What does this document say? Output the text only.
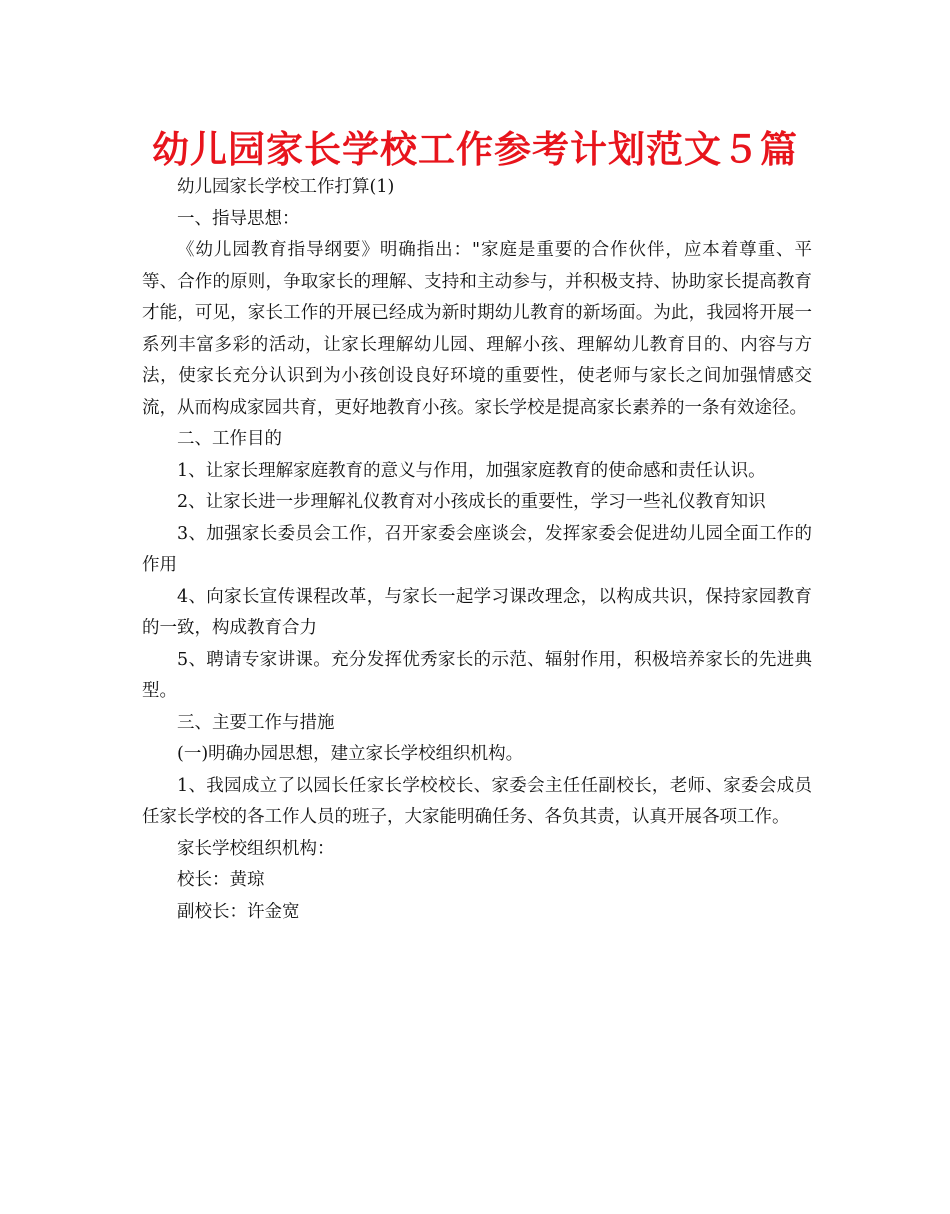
幼儿园家长学校工作参考计划范文５篇

幼儿园家长学校工作打算(1)

一、指导思想：

《幼儿园教育指导纲要》明确指出："家庭是重要的合作伙伴，应本着尊重、平等、合作的原则，争取家长的理解、支持和主动参与，并积极支持、协助家长提高教育才能，可见，家长工作的开展已经成为新时期幼儿教育的新场面。为此，我园将开展一系列丰富多彩的活动，让家长理解幼儿园、理解小孩、理解幼儿教育目的、内容与方法，使家长充分认识到为小孩创设良好环境的重要性，使老师与家长之间加强情感交流，从而构成家园共育，更好地教育小孩。家长学校是提高家长素养的一条有效途径。

二、工作目的

1、让家长理解家庭教育的意义与作用，加强家庭教育的使命感和责任认识。

2、让家长进一步理解礼仪教育对小孩成长的重要性，学习一些礼仪教育知识

3、加强家长委员会工作，召开家委会座谈会，发挥家委会促进幼儿园全面工作的作用

4、向家长宣传课程改革，与家长一起学习课改理念，以构成共识，保持家园教育的一致，构成教育合力

5、聘请专家讲课。充分发挥优秀家长的示范、辐射作用，积极培养家长的先进典型。

三、主要工作与措施

(一)明确办园思想，建立家长学校组织机构。

1、我园成立了以园长任家长学校校长、家委会主任任副校长，老师、家委会成员任家长学校的各工作人员的班子，大家能明确任务、各负其责，认真开展各项工作。

家长学校组织机构：

校长：黄琼

副校长：许金宽
